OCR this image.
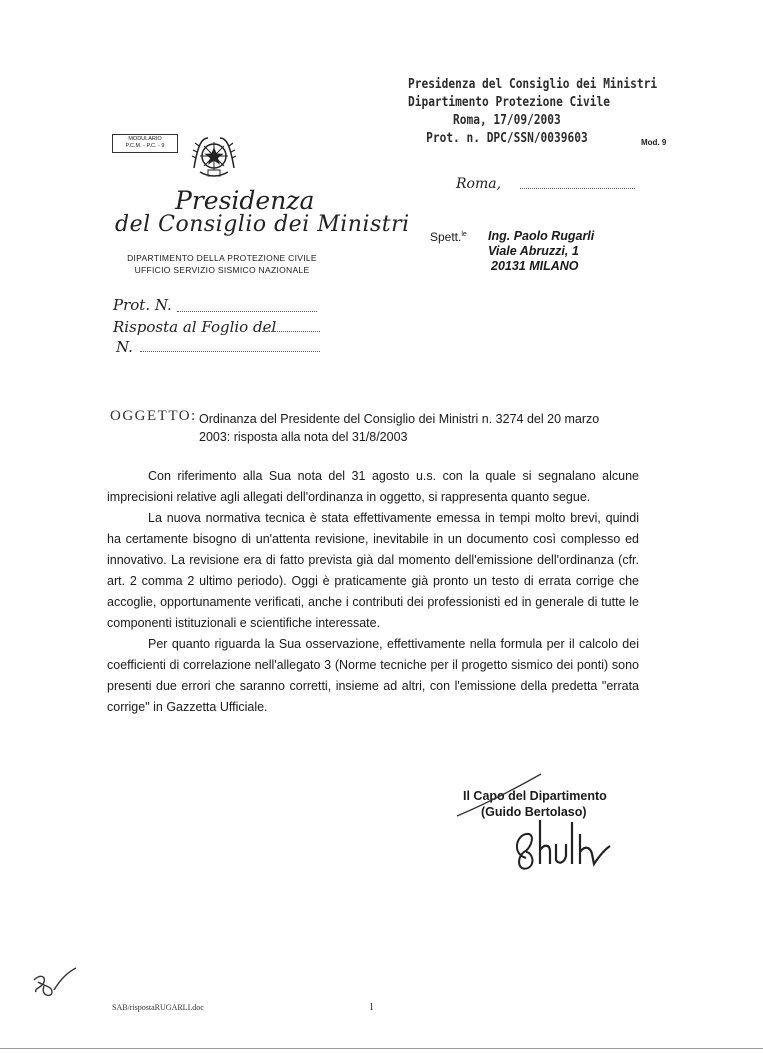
Presidenza del Consiglio dei Ministri
Dipartimento Protezione Civile
Roma, 17/09/2003
Prot. n. DPC/SSN/0039603	Mod. 9
MODULARIO
P.C.M. - P.C. - 9
Presidenza
del Consiglio dei Ministri
DIPARTIMENTO DELLA PROTEZIONE CIVILE
UFFICIO SERVIZIO SISMICO NAZIONALE
Roma,
Spett.$^{le}$ Ing. Paolo Rugarli
Viale Abruzzi, 1
20131 MILANO
Prot. N.
Risposta al Foglio del
N.
OGGETTO: Ordinanza del Presidente del Consiglio dei Ministri n. 3274 del 20 marzo
2003: risposta alla nota del 31/8/2003

Con riferimento alla Sua nota del 31 agosto u.s. con la quale si segnalano alcune imprecisioni relative agli allegati dell'ordinanza in oggetto, si rappresenta quanto segue.

La nuova normativa tecnica è stata effettivamente emessa in tempi molto brevi, quindi ha certamente bisogno di un'attenta revisione, inevitabile in un documento così complesso ed innovativo. La revisione era di fatto prevista già dal momento dell'emissione dell'ordinanza (cfr. art. 2 comma 2 ultimo periodo). Oggi è praticamente già pronto un testo di errata corrige che accoglie, opportunamente verificati, anche i contributi dei professionisti ed in generale di tutte le componenti istituzionali e scientifiche interessate.

Per quanto riguarda la Sua osservazione, effettivamente nella formula per il calcolo dei coefficienti di correlazione nell'allegato 3 (Norme tecniche per il progetto sismico dei ponti) sono presenti due errori che saranno corretti, insieme ad altri, con l'emissione della predetta "errata corrige" in Gazzetta Ufficiale.

Il Capo del Dipartimento
(Guido Bertolaso)
SAB/rispostaRUGARLI.doc	1
